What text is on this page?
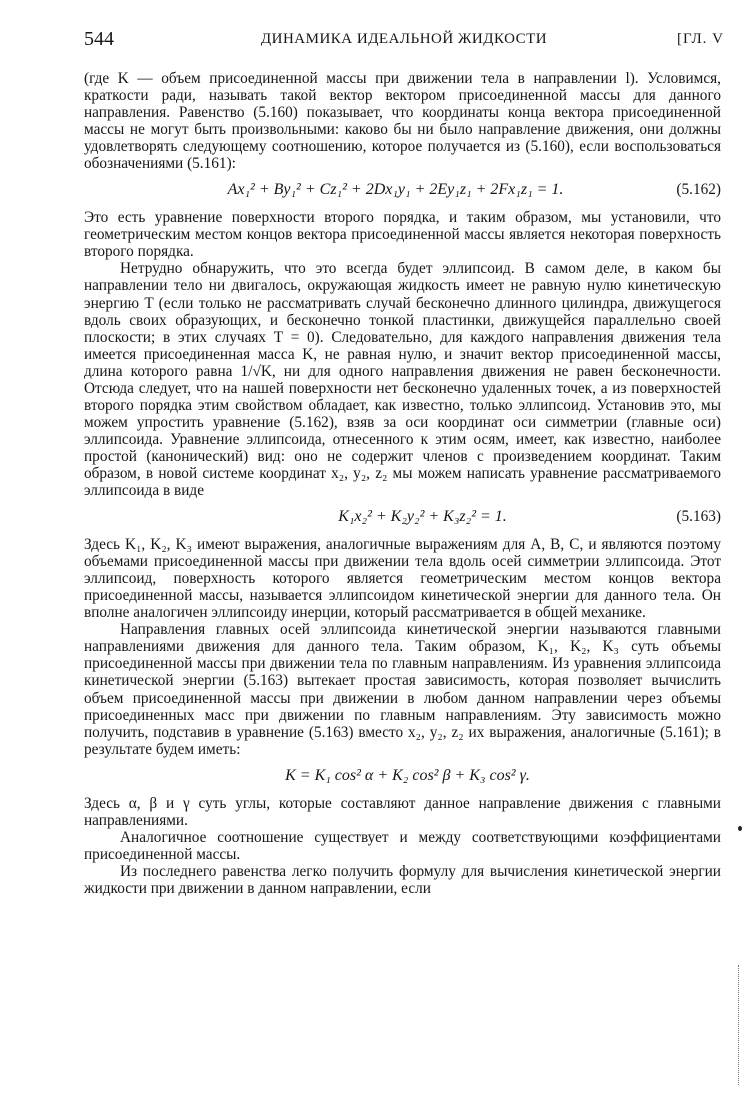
544	ДИНАМИКА ИДЕАЛЬНОЙ ЖИДКОСТИ	[ГЛ. V

(где K — объем присоединенной массы при движении тела в направлении l). Условимся, краткости ради, называть такой вектор вектором присоединенной массы для данного направления. Равенство (5.160) показывает, что координаты конца вектора присоединенной массы не могут быть произвольными: каково бы ни было направление движения, они должны удовлетворять следующему соотношению, которое получается из (5.160), если воспользоваться обозначениями (5.161):

Ax₁² + By₁² + Cz₁² + 2Dx₁y₁ + 2Ey₁z₁ + 2Fx₁z₁ = 1.	(5.162)

Это есть уравнение поверхности второго порядка, и таким образом, мы установили, что геометрическим местом концов вектора присоединенной массы является некоторая поверхность второго порядка.

Нетрудно обнаружить, что это всегда будет эллипсоид. В самом деле, в каком бы направлении тело ни двигалось, окружающая жидкость имеет не равную нулю кинетическую энергию T (если только не рассматривать случай бесконечно длинного цилиндра, движущегося вдоль своих образующих, и бесконечно тонкой пластинки, движущейся параллельно своей плоскости; в этих случаях T = 0). Следовательно, для каждого направления движения тела имеется присоединенная масса K, не равная нулю, и значит вектор присоединенной массы, длина которого равна 1/√K, ни для одного направления движения не равен бесконечности. Отсюда следует, что на нашей поверхности нет бесконечно удаленных точек, а из поверхностей второго порядка этим свойством обладает, как известно, только эллипсоид. Установив это, мы можем упростить уравнение (5.162), взяв за оси координат оси симметрии (главные оси) эллипсоида. Уравнение эллипсоида, отнесенного к этим осям, имеет, как известно, наиболее простой (канонический) вид: оно не содержит членов с произведением координат. Таким образом, в новой системе координат x₂, y₂, z₂ мы можем написать уравнение рассматриваемого эллипсоида в виде

K₁x₂² + K₂y₂² + K₃z₂² = 1.	(5.163)

Здесь K₁, K₂, K₃ имеют выражения, аналогичные выражениям для A, B, C, и являются поэтому объемами присоединенной массы при движении тела вдоль осей симметрии эллипсоида. Этот эллипсоид, поверхность которого является геометрическим местом концов вектора присоединенной массы, называется эллипсоидом кинетической энергии для данного тела. Он вполне аналогичен эллипсоиду инерции, который рассматривается в общей механике.

Направления главных осей эллипсоида кинетической энергии называются главными направлениями движения для данного тела. Таким образом, K₁, K₂, K₃ суть объемы присоединенной массы при движении тела по главным направлениям. Из уравнения эллипсоида кинетической энергии (5.163) вытекает простая зависимость, которая позволяет вычислить объем присоединенной массы при движении в любом данном направлении через объемы присоединенных масс при движении по главным направлениям. Эту зависимость можно получить, подставив в уравнение (5.163) вместо x₂, y₂, z₂ их выражения, аналогичные (5.161); в результате будем иметь:

K = K₁ cos² α + K₂ cos² β + K₃ cos² γ.

Здесь α, β и γ суть углы, которые составляют данное направление движения с главными направлениями.

Аналогичное соотношение существует и между соответствующими коэффициентами присоединенной массы.

Из последнего равенства легко получить формулу для вычисления кинетической энергии жидкости при движении в данном направлении, если
